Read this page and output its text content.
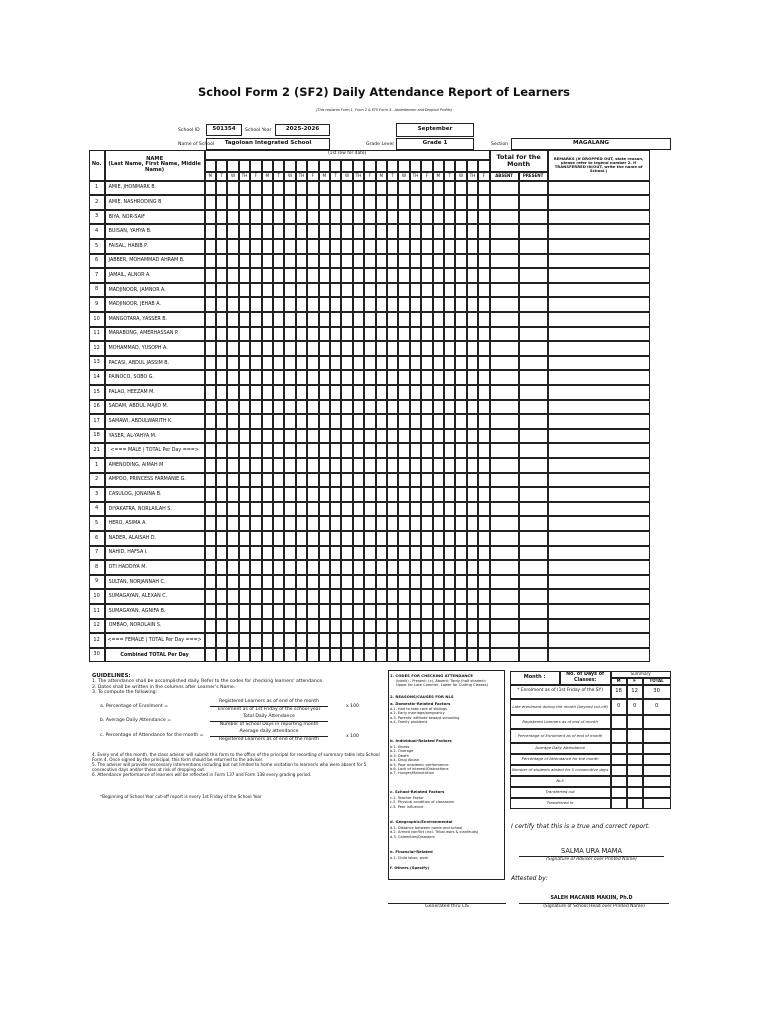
School Form 2 (SF2) Daily Attendance Report of Learners
(This replaces Form 1, Form 2 & STS Form 4 - Absenteeism and Dropout Profile)
School ID	501354	School Year	2025-2026	September
Name of School	Tagoloan Integrated School	Grade Level	Grade 1	Section	MAGALANG
No.
NAME
(Last Name, First Name, Middle Name)
(1st row for date)
M	T	W	TH	F	M	T	W	TH	F	M	T	W	TH	F	M	T	W	TH	F	M	T	W	TH	F
Total for the Month
ABSENT	PRESENT
REMARKS (If DROPPED OUT, state reason, please refer to legend number 2. If TRANSFERRED IN/OUT, write the name of School.)
1	AMIE, JHONMARK B.
2	AMIE, NASHRODING B
3	BIYA, NOR-SAIF
4	BUISAN, YAHYA B.
5	FAISAL, HABIB P.
6	JABBER, MOHAMMAD AHRAM B.
7	JAMAIL, ALNOR A.
8	MADJINOOR, JAMNOR A.
9	MADJINOOR, JEHAB A.
10	MANGOTARA, YASSER B.
11	MARABONG, AMERHASSAN P.
12	MOHAMMAD, YUSOPH A.
13	PACASI, ABDUL JASSIM B.
14	PAINOCO, SOBO G.
15	PALAO, HEEZAM M.
16	SADAM, ABDUL MAJID M.
17	SAMAWI, ABDULWARITH K.
18	YASER, AL-YAHYA M.
21	<=== MALE | TOTAL Per Day ===>
1	AMENODING, AIMAH M
2	AMPOO, PRINCESS FARMANIE G.
3	CASULOG, JONAINA B.
4	DIYAKATRA, NORLAILAH S.
5	HERO, ASIMA A.
6	NADER, ALAISAH D.
7	NAHID, HAFSA I.
8	OTI HADDIYA M.
9	SULTAN, NORJANNAH C.
10	SUMAGAYAN, ALEXAN C.
11	SUMAGAYAN, AGNIFA B.
12	OMBAO, NOROLAIN S.
12	<=== FEMALE | TOTAL Per Day ===>
30	Combined TOTAL Per Day
GUIDELINES:
1. The attendance shall be accomplished daily. Refer to the codes for checking learners' attendance.
2. Dates shall be written in the columns after Learner's Name.
3. To compute the following:
a. Percentage of Enrolment =
Registered Learners as of end of the month
Enrolment as of 1st Friday of the school year
x 100
b. Average Daily Attendance =
Total Daily Attendance
Number of School Days in reporting month
c. Percentage of Attendance for the month =
Average daily attendance
Registered Learners as of end of the month
x 100
4. Every end of the month, the class adviser will submit this form to the office of the principal for recording of summary table into School Form 4. Once signed by the principal, this form should be returned to the adviser.
5. The adviser will provide neccessary interventions including but not limited to home visitation to learner/s who were absent for 5 consecutive days and/or those at risk of dropping out.
6. Attendance performance of learners will be reflected in Form 137 and Form 138 every grading period.
*Beginning of School Year cut-off report is every 1st Friday of the School Year
1. CODES FOR CHECKING ATTENDANCE
(blank) - Present; (x)- Absent; Tardy (half shaded=
Upper for Late Commer, Lower for Cutting Classes)
2. REASONS/CAUSES FOR NLS
a. Domestic-Related Factors
a.1. Had to take care of siblings
a.2. Early marriage/pregnancy
a.3. Parents' attitude toward schooling
a.4. Family problems
b. Individual-Related Factors
b.1. Illness
b.2. Overage
b.3. Death
b.4. Drug Abuse
b.5. Poor academic performance
b.6. Lack of interest/Distractions
b.7. Hunger/Malnutrition
c. School-Related Factors
c.1. Teacher Factor
c.2. Physical condition of classroom
c.3. Peer influence
d. Geographic/Environmental
d.1. Distance between home and school
d.2. Armed conflict (incl. Tribal wars & clanfeuds)
d.3. Calamities/Disasters
e. Financial-Related
e.1. Child labor, work
f. Others (Specify)
Month :	No. of Days of Classes:
Summary
M	F	TOTAL
* Enrolment as of (1st Friday of the SY)	18	12	30
Late enrolment during the month (beyond cut-off)	0	0	0
Registered Learners as of end of month
Percentage of Enrolment as of end of month
Average Daily Attendance
Percentage of Attendance for the month
Number of students absent for 5 consecutive days
NLS
Transferred out
Transferred in
I certify that this is a true and correct report.
SALMA URA MAMA
(Signature of Adviser over Printed Name)
Attested by:
SALEH MACANIB MAKIIN, Ph.D
(Signature of School Head over Printed Name)
Generated thru LIS
